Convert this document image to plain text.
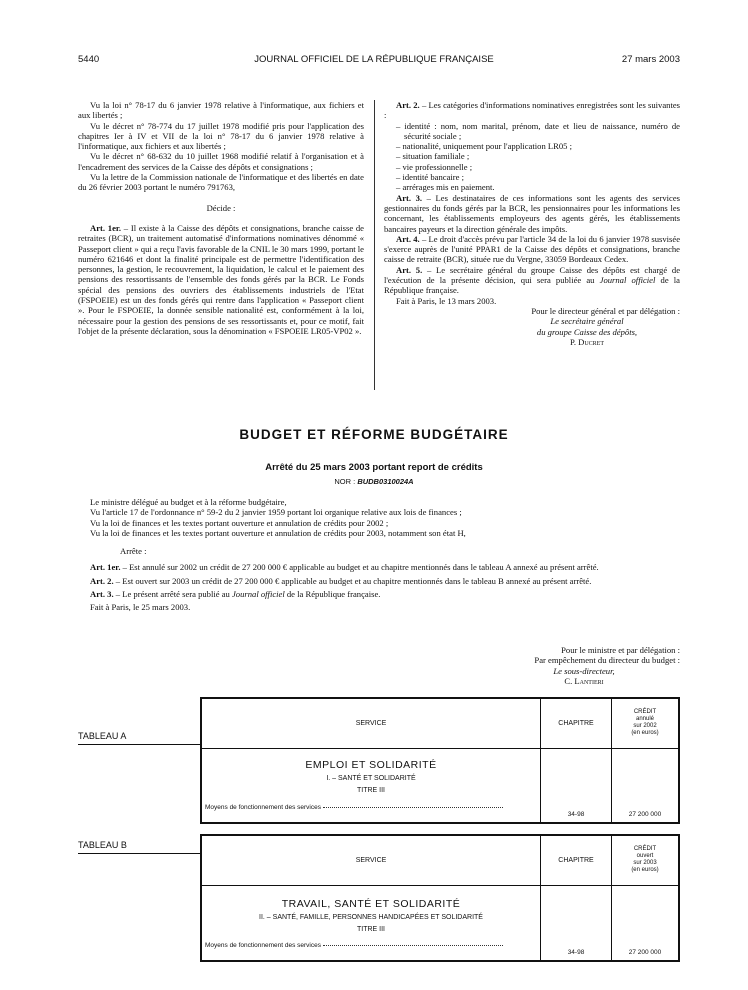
5440	JOURNAL OFFICIEL DE LA RÉPUBLIQUE FRANÇAISE	27 mars 2003

Vu la loi n° 78-17 du 6 janvier 1978 relative à l'informatique, aux fichiers et aux libertés ;

Vu le décret n° 78-774 du 17 juillet 1978 modifié pris pour l'application des chapitres Ier à IV et VII de la loi n° 78-17 du 6 janvier 1978 relative à l'informatique, aux fichiers et aux libertés ;

Vu le décret n° 68-632 du 10 juillet 1968 modifié relatif à l'organisation et à l'encadrement des services de la Caisse des dépôts et consignations ;

Vu la lettre de la Commission nationale de l'informatique et des libertés en date du 26 février 2003 portant le numéro 791763,

Décide :

Art. 1er. – Il existe à la Caisse des dépôts et consignations, branche caisse de retraites (BCR), un traitement automatisé d'informations nominatives dénommé « Passeport client » qui a reçu l'avis favorable de la CNIL le 30 mars 1999, portant le numéro 621646 et dont la finalité principale est de permettre l'identification des personnes, la gestion, le recouvrement, la liquidation, le calcul et le paiement des pensions des ressortissants de l'ensemble des fonds gérés par la BCR. Le Fonds spécial des pensions des ouvriers des établissements industriels de l'Etat (FSPOEIE) est un des fonds gérés qui rentre dans l'application « Passeport client ». Pour le FSPOEIE, la donnée sensible nationalité est, conformément à la loi, nécessaire pour la gestion des pensions de ses ressortissants et, pour ce motif, fait l'objet de la présente déclaration, sous la dénomination « FSPOEIE LR05-VP02 ».

Art. 2. – Les catégories d'informations nominatives enregistrées sont les suivantes :

– identité : nom, nom marital, prénom, date et lieu de naissance, numéro de sécurité sociale ;
– nationalité, uniquement pour l'application LR05 ;
– situation familiale ;
– vie professionnelle ;
– identité bancaire ;
– arrérages mis en paiement.

Art. 3. – Les destinataires de ces informations sont les agents des services gestionnaires du fonds gérés par la BCR, les pensionnaires pour les informations les concernant, les établissements employeurs des agents gérés, les établissements bancaires payeurs et la direction générale des impôts.

Art. 4. – Le droit d'accès prévu par l'article 34 de la loi du 6 janvier 1978 susvisée s'exerce auprès de l'unité PPAR1 de la Caisse des dépôts et consignations, branche caisse de retraite (BCR), située rue du Vergne, 33059 Bordeaux Cedex.

Art. 5. – Le secrétaire général du groupe Caisse des dépôts est chargé de l'exécution de la présente décision, qui sera publiée au Journal officiel de la République française.

Fait à Paris, le 13 mars 2003.

Pour le directeur général et par délégation :

Le secrétaire général

du groupe Caisse des dépôts,

P. Ducret

BUDGET ET RÉFORME BUDGÉTAIRE
Arrêté du 25 mars 2003 portant report de crédits
NOR : BUDB0310024A

Le ministre délégué au budget et à la réforme budgétaire,

Vu l'article 17 de l'ordonnance n° 59-2 du 2 janvier 1959 portant loi organique relative aux lois de finances ;

Vu la loi de finances et les textes portant ouverture et annulation de crédits pour 2002 ;

Vu la loi de finances et les textes portant ouverture et annulation de crédits pour 2003, notamment son état H,

Arrête :

Art. 1er. – Est annulé sur 2002 un crédit de 27 200 000 € applicable au budget et au chapitre mentionnés dans le tableau A annexé au présent arrêté.

Art. 2. – Est ouvert sur 2003 un crédit de 27 200 000 € applicable au budget et au chapitre mentionnés dans le tableau B annexé au présent arrêté.

Art. 3. – Le présent arrêté sera publié au Journal officiel de la République française.

Fait à Paris, le 25 mars 2003.

Pour le ministre et par délégation :

Par empêchement du directeur du budget :

Le sous-directeur,

C. Lantieri

TABLEAU A
SERVICE	CHAPITRE	CRÉDIT
annulé
sur 2002
(en euros)

EMPLOI ET SOLIDARITÉ
I. – SANTÉ ET SOLIDARITÉ
TITRE III
Moyens de fonctionnement des services	34-98	27 200 000
TABLEAU B
SERVICE	CHAPITRE	CRÉDIT
ouvert
sur 2003
(en euros)

TRAVAIL, SANTÉ ET SOLIDARITÉ
II. – SANTÉ, FAMILLE, PERSONNES HANDICAPÉES ET SOLIDARITÉ
TITRE III
Moyens de fonctionnement des services	34-98	27 200 000
